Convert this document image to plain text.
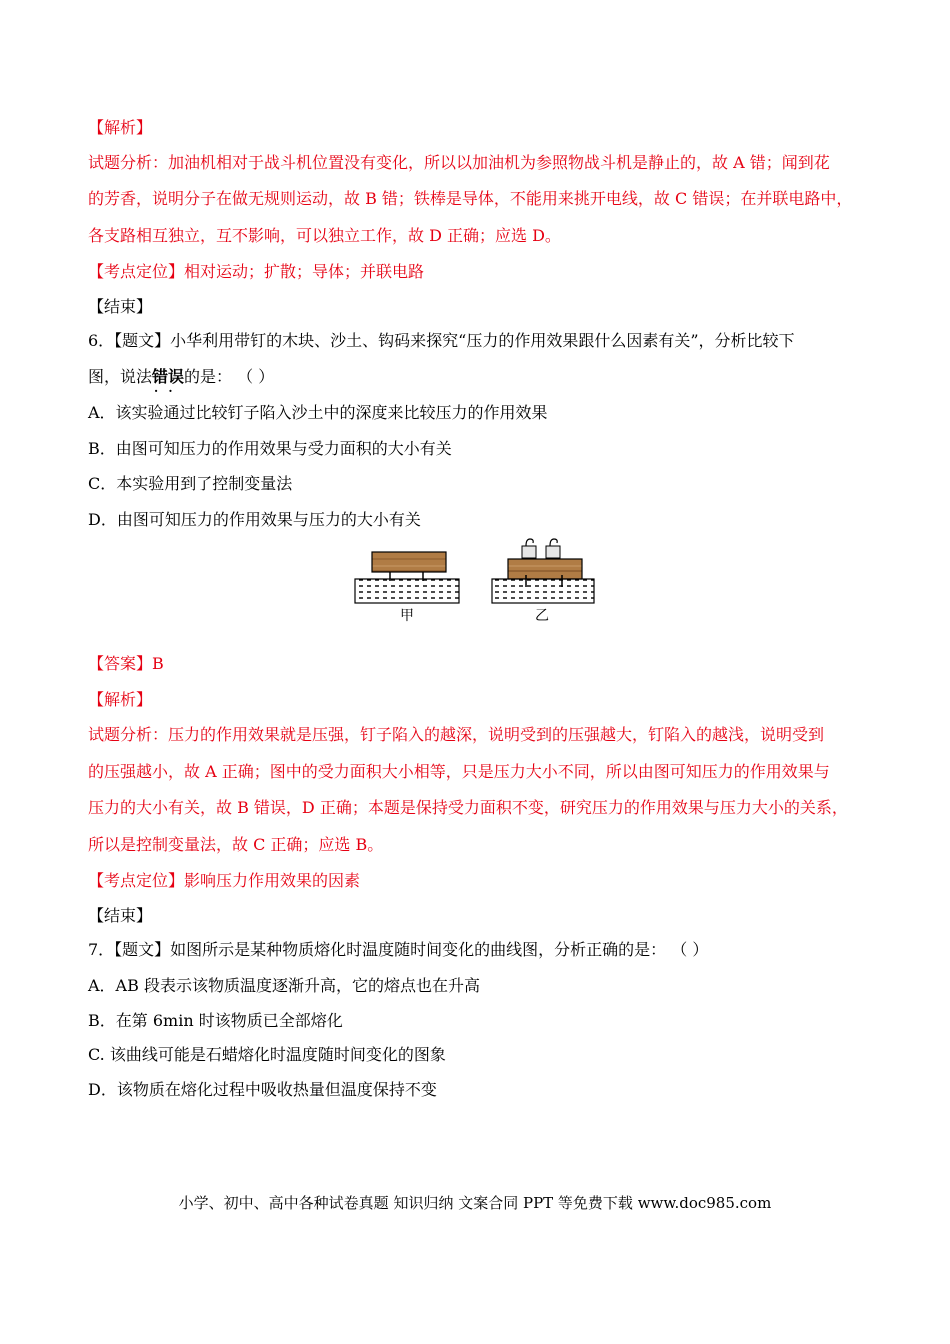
【解析】
试题分析：加油机相对于战斗机位置没有变化，所以以加油机为参照物战斗机是静止的，故 A 错；闻到花
的芳香，说明分子在做无规则运动，故 B 错；铁棒是导体，不能用来挑开电线，故 C 错误；在并联电路中，
各支路相互独立，互不影响，可以独立工作，故 D 正确；应选 D。
【考点定位】相对运动；扩散；导体；并联电路
【结束】
6．【题文】小华利用带钉的木块、沙土、钩码来探究“压力的作用效果跟什么因素有关”，分析比较下
图，说法错误 · ·的是： （ ）
A．该实验通过比较钉子陷入沙土中的深度来比较压力的作用效果
B．由图可知压力的作用效果与受力面积的大小有关
C．本实验用到了控制变量法
D．由图可知压力的作用效果与压力的大小有关
甲	乙
【答案】B
【解析】
试题分析：压力的作用效果就是压强，钉子陷入的越深，说明受到的压强越大，钉陷入的越浅，说明受到
的压强越小，故 A 正确；图中的受力面积大小相等，只是压力大小不同，所以由图可知压力的作用效果与
压力的大小有关，故 B 错误，D 正确；本题是保持受力面积不变，研究压力的作用效果与压力大小的关系，
所以是控制变量法，故 C 正确；应选 B。
【考点定位】影响压力作用效果的因素
【结束】
7．【题文】如图所示是某种物质熔化时温度随时间变化的曲线图，分析正确的是： （ ）
A．AB 段表示该物质温度逐渐升高，它的熔点也在升高
B．在第 6min 时该物质已全部熔化
C. 该曲线可能是石蜡熔化时温度随时间变化的图象
D．该物质在熔化过程中吸收热量但温度保持不变
小学、初中、高中各种试卷真题 知识归纳 文案合同 PPT 等免费下载 www.doc985.com
